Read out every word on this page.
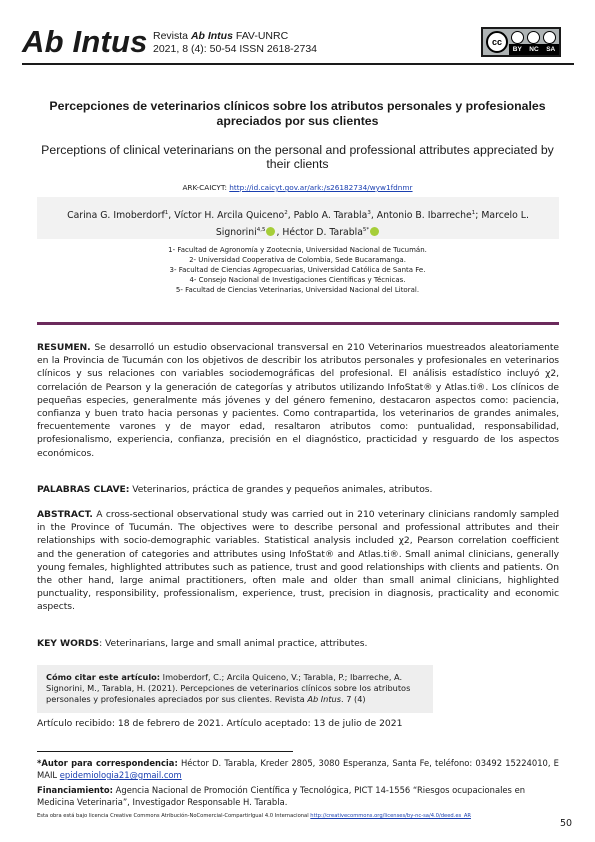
Ab Intus Revista Ab Intus FAV-UNRC
2021, 8 (4): 50-54 ISSN 2618-2734
cc
BY NC SA
Percepciones de veterinarios clínicos sobre los atributos personales y profesionales apreciados por sus clientes
Perceptions of clinical veterinarians on the personal and professional attributes appreciated by their clients
ARK-CAICYT: http://id.caicyt.gov.ar/ark:/s26182734/wyw1fdnmr
Carina G. Imoberdorf$^1$, Víctor H. Arcila Quiceno$^2$, Pablo A. Tarabla$^3$, Antonio B. Ibarreche$^1$; Marcelo L. Signorini$^{4,5}$ , Héctor D. Tarabla$^{5*}$
1- Facultad de Agronomía y Zootecnia, Universidad Nacional de Tucumán.
2- Universidad Cooperativa de Colombia, Sede Bucaramanga.
3- Facultad de Ciencias Agropecuarias, Universidad Católica de Santa Fe.
4- Consejo Nacional de Investigaciones Científicas y Técnicas.
5- Facultad de Ciencias Veterinarias, Universidad Nacional del Litoral.
RESUMEN. Se desarrolló un estudio observacional transversal en 210 Veterinarios muestreados aleatoriamente en la Provincia de Tucumán con los objetivos de describir los atributos personales y profesionales en veterinarios clínicos y sus relaciones con variables sociodemográficas del profesional. El análisis estadístico incluyó χ2, correlación de Pearson y la generación de categorías y atributos utilizando InfoStat® y Atlas.ti®. Los clínicos de pequeñas especies, generalmente más jóvenes y del género femenino, destacaron aspectos como: paciencia, confianza y buen trato hacia personas y pacientes. Como contrapartida, los veterinarios de grandes animales, frecuentemente varones y de mayor edad, resaltaron atributos como: puntualidad, responsabilidad, profesionalismo, experiencia, confianza, precisión en el diagnóstico, practicidad y resguardo de los aspectos económicos.
PALABRAS CLAVE: Veterinarios, práctica de grandes y pequeños animales, atributos.
ABSTRACT. A cross-sectional observational study was carried out in 210 veterinary clinicians randomly sampled in the Province of Tucumán. The objectives were to describe personal and professional attributes and their relationships with socio-demographic variables. Statistical analysis included χ2, Pearson correlation coefficient and the generation of categories and attributes using InfoStat® and Atlas.ti®. Small animal clinicians, generally young females, highlighted attributes such as patience, trust and good relationships with clients and patients. On the other hand, large animal practitioners, often male and older than small animal clinicians, highlighted punctuality, responsibility, professionalism, experience, trust, precision in diagnosis, practicality and economic aspects.
KEY WORDS: Veterinarians, large and small animal practice, attributes.
Cómo citar este artículo: Imoberdorf, C.; Arcila Quiceno, V.; Tarabla, P.; Ibarreche, A. Signorini, M., Tarabla, H. (2021). Percepciones de veterinarios clínicos sobre los atributos personales y profesionales apreciados por sus clientes. Revista Ab Intus. 7 (4)
Artículo recibido: 18 de febrero de 2021. Artículo aceptado: 13 de julio de 2021
*Autor para correspondencia: Héctor D. Tarabla, Kreder 2805, 3080 Esperanza, Santa Fe, teléfono: 03492 15224010, E MAIL epidemiologia21@gmail.com
Financiamiento: Agencia Nacional de Promoción Científica y Tecnológica, PICT 14-1556 “Riesgos ocupacionales en Medicina Veterinaria”, Investigador Responsable H. Tarabla.
Esta obra está bajo licencia Creative Commons Atribución-NoComercial-CompartirIgual 4.0 Internacional http://creativecommons.org/licenses/by-nc-sa/4.0/deed.es_AR
50
